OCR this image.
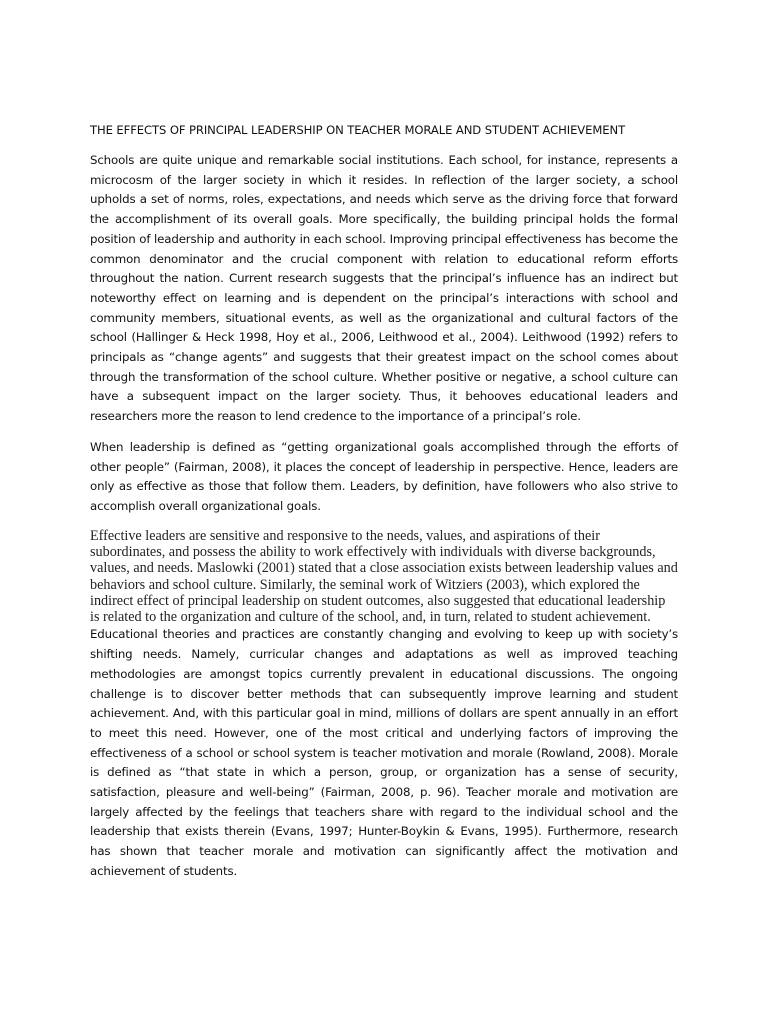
THE EFFECTS OF PRINCIPAL LEADERSHIP ON TEACHER MORALE AND STUDENT ACHIEVEMENT

Schools are quite unique and remarkable social institutions. Each school, for instance, represents a microcosm of the larger society in which it resides. In reflection of the larger society, a school upholds a set of norms, roles, expectations, and needs which serve as the driving force that forward the accomplishment of its overall goals. More specifically, the building principal holds the formal position of leadership and authority in each school. Improving principal effectiveness has become the common denominator and the crucial component with relation to educational reform efforts throughout the nation. Current research suggests that the principal’s influence has an indirect but noteworthy effect on learning and is dependent on the principal’s interactions with school and community members, situational events, as well as the organizational and cultural factors of the school (Hallinger & Heck 1998, Hoy et al., 2006, Leithwood et al., 2004). Leithwood (1992) refers to principals as “change agents” and suggests that their greatest impact on the school comes about through the transformation of the school culture. Whether positive or negative, a school culture can have a subsequent impact on the larger society. Thus, it behooves educational leaders and researchers more the reason to lend credence to the importance of a principal’s role.

When leadership is defined as “getting organizational goals accomplished through the efforts of other people” (Fairman, 2008), it places the concept of leadership in perspective. Hence, leaders are only as effective as those that follow them. Leaders, by definition, have followers who also strive to accomplish overall organizational goals.

Effective leaders are sensitive and responsive to the needs, values, and aspirations of their subordinates, and possess the ability to work effectively with individuals with diverse backgrounds, values, and needs. Maslowki (2001) stated that a close association exists between leadership values and behaviors and school culture. Similarly, the seminal work of Witziers (2003), which explored the indirect effect of principal leadership on student outcomes, also suggested that educational leadership is related to the organization and culture of the school, and, in turn, related to student achievement.

Educational theories and practices are constantly changing and evolving to keep up with society’s shifting needs. Namely, curricular changes and adaptations as well as improved teaching methodologies are amongst topics currently prevalent in educational discussions. The ongoing challenge is to discover better methods that can subsequently improve learning and student achievement. And, with this particular goal in mind, millions of dollars are spent annually in an effort to meet this need. However, one of the most critical and underlying factors of improving the effectiveness of a school or school system is teacher motivation and morale (Rowland, 2008). Morale is defined as “that state in which a person, group, or organization has a sense of security, satisfaction, pleasure and well-being” (Fairman, 2008, p. 96). Teacher morale and motivation are largely affected by the feelings that teachers share with regard to the individual school and the leadership that exists therein (Evans, 1997; Hunter-Boykin & Evans, 1995). Furthermore, research has shown that teacher morale and motivation can significantly affect the motivation and achievement of students.
